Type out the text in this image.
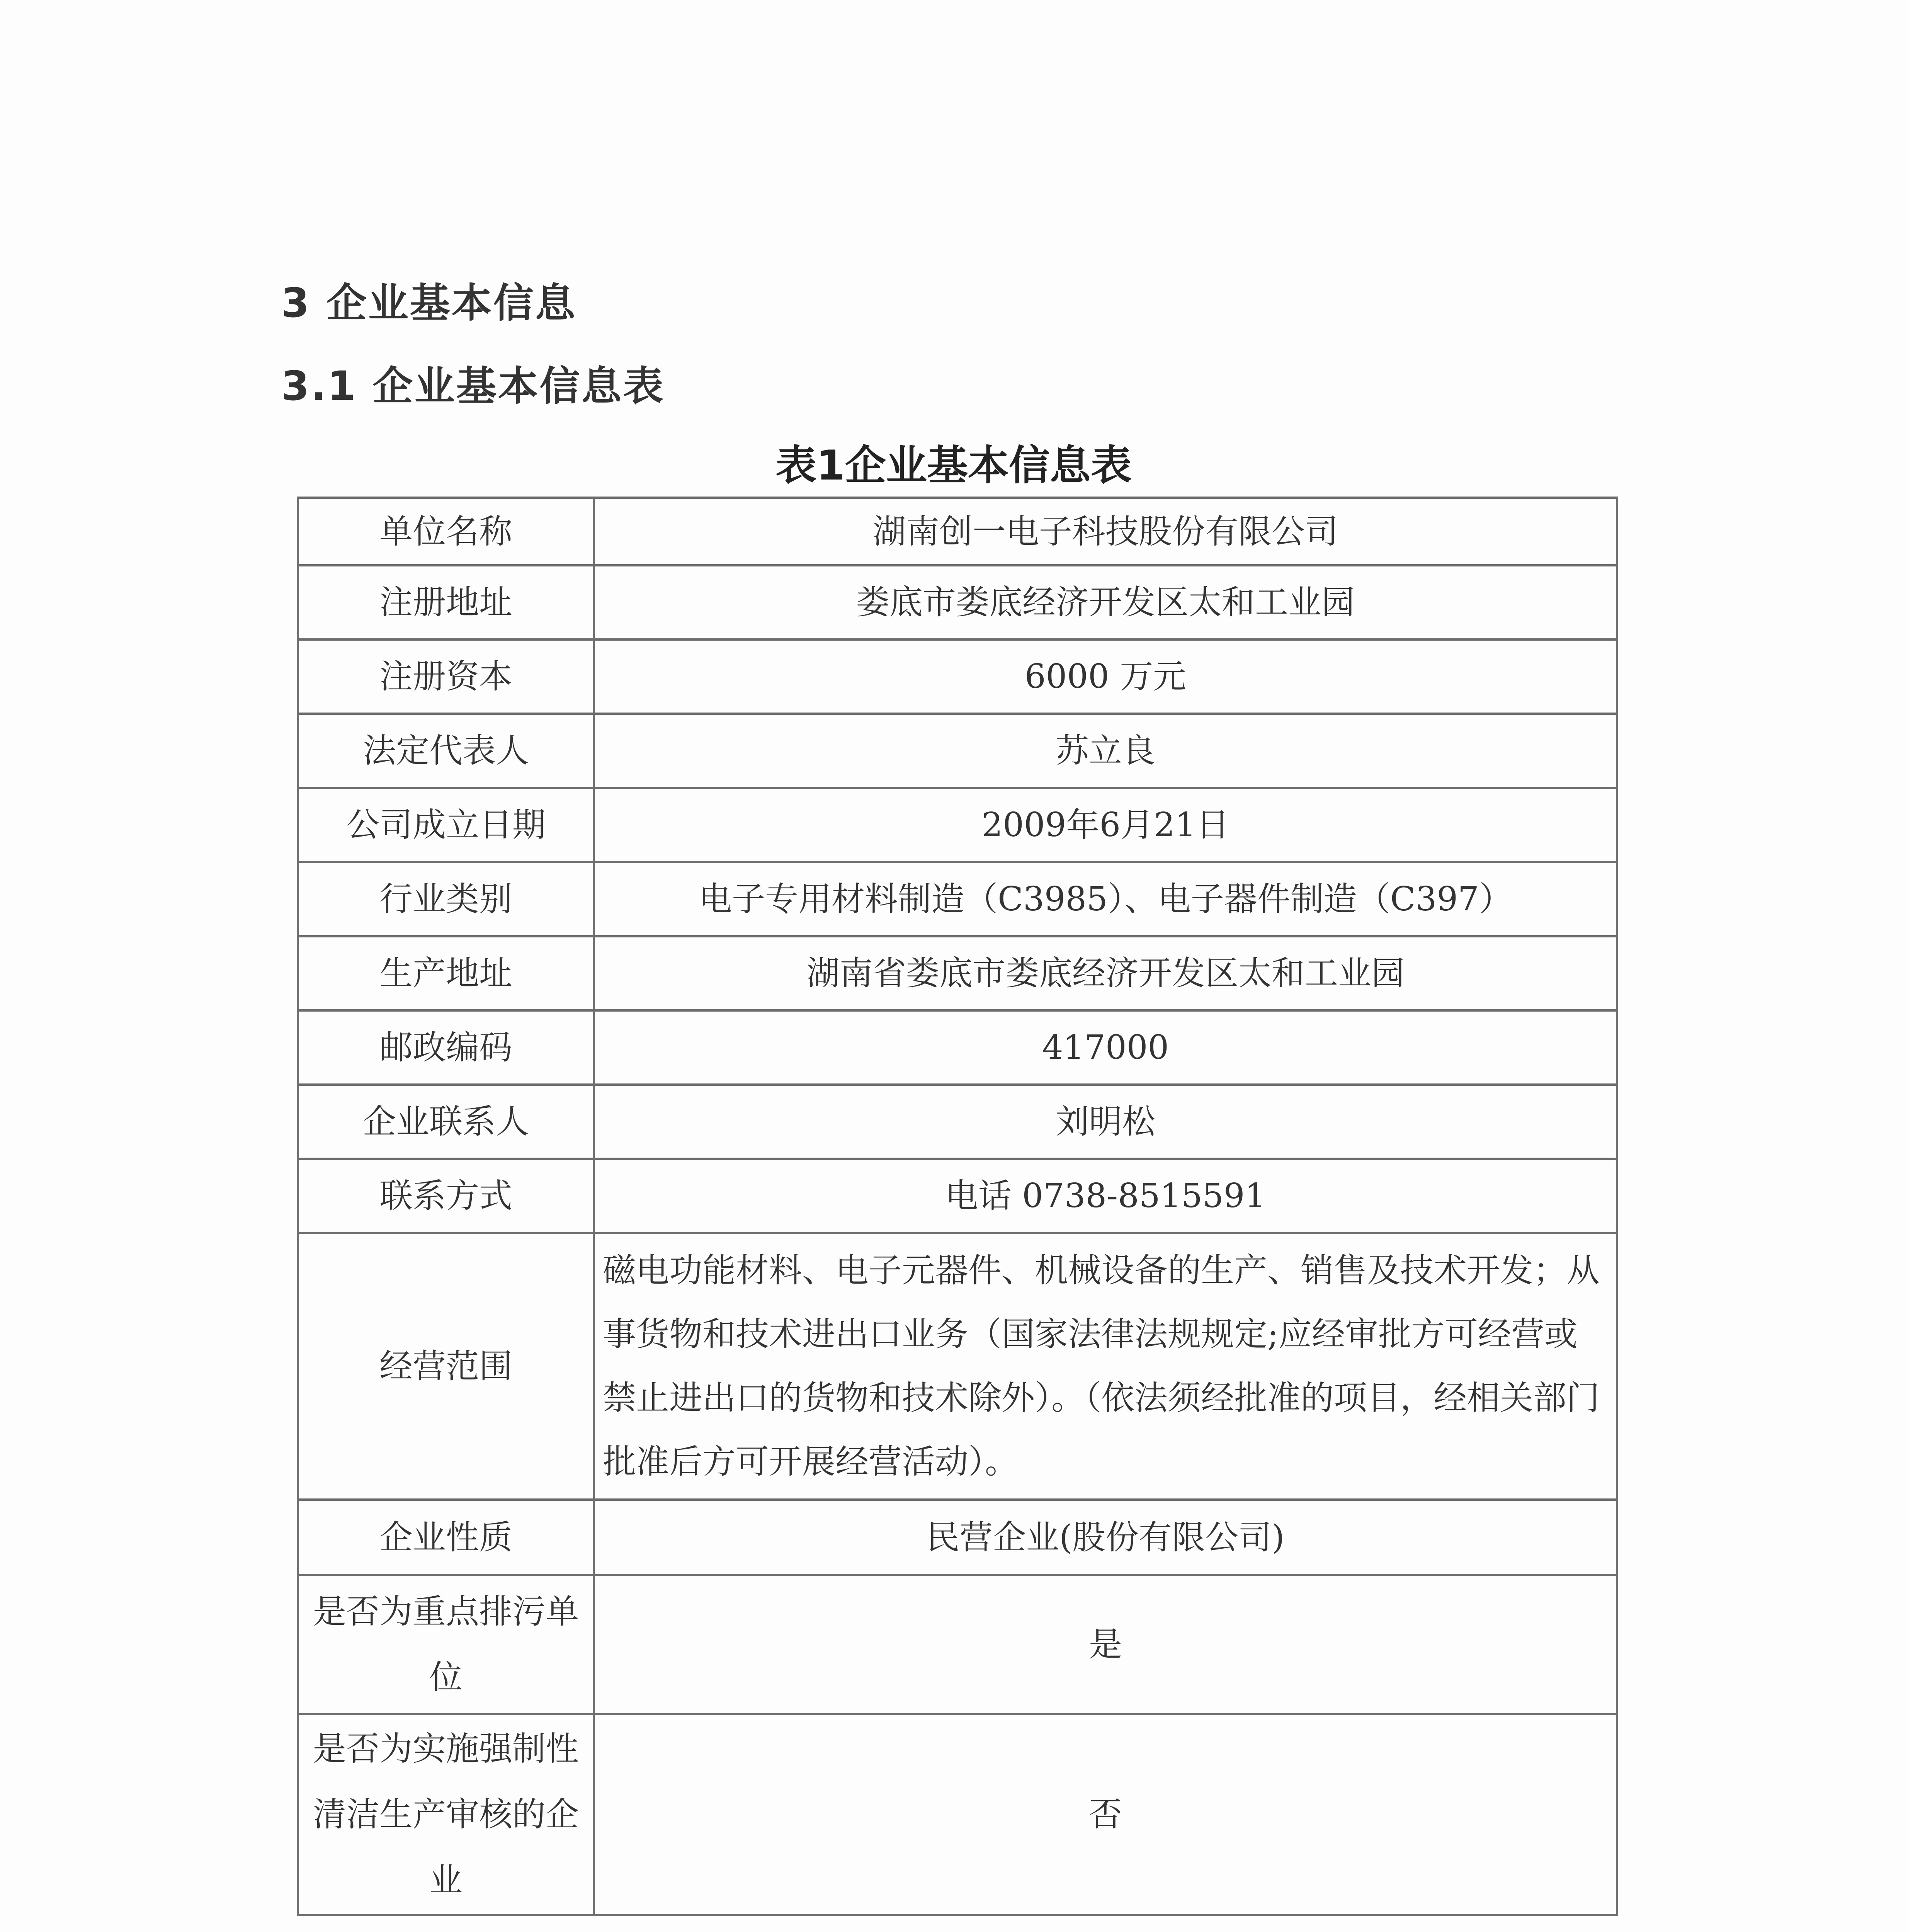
3 企业基本信息
3.1 企业基本信息表
表1企业基本信息表
单位名称	湖南创一电子科技股份有限公司
注册地址	娄底市娄底经济开发区太和工业园
注册资本	6000 万元
法定代表人	苏立良
公司成立日期	2009年6月21日
行业类别	电子专用材料制造（C3985）、电子器件制造（C397）
生产地址	湖南省娄底市娄底经济开发区太和工业园
邮政编码	417000
企业联系人	刘明松
联系方式	电话 0738-8515591
经营范围	磁电功能材料、电子元器件、机械设备的生产、销售及技术开发；从事货物和技术进出口业务（国家法律法规规定;应经审批方可经营或禁止进出口的货物和技术除外）。（依法须经批准的项目，经相关部门批准后方可开展经营活动）。
企业性质	民营企业(股份有限公司)
是否为重点排污单位	是
是否为实施强制性清洁生产审核的企业	否
